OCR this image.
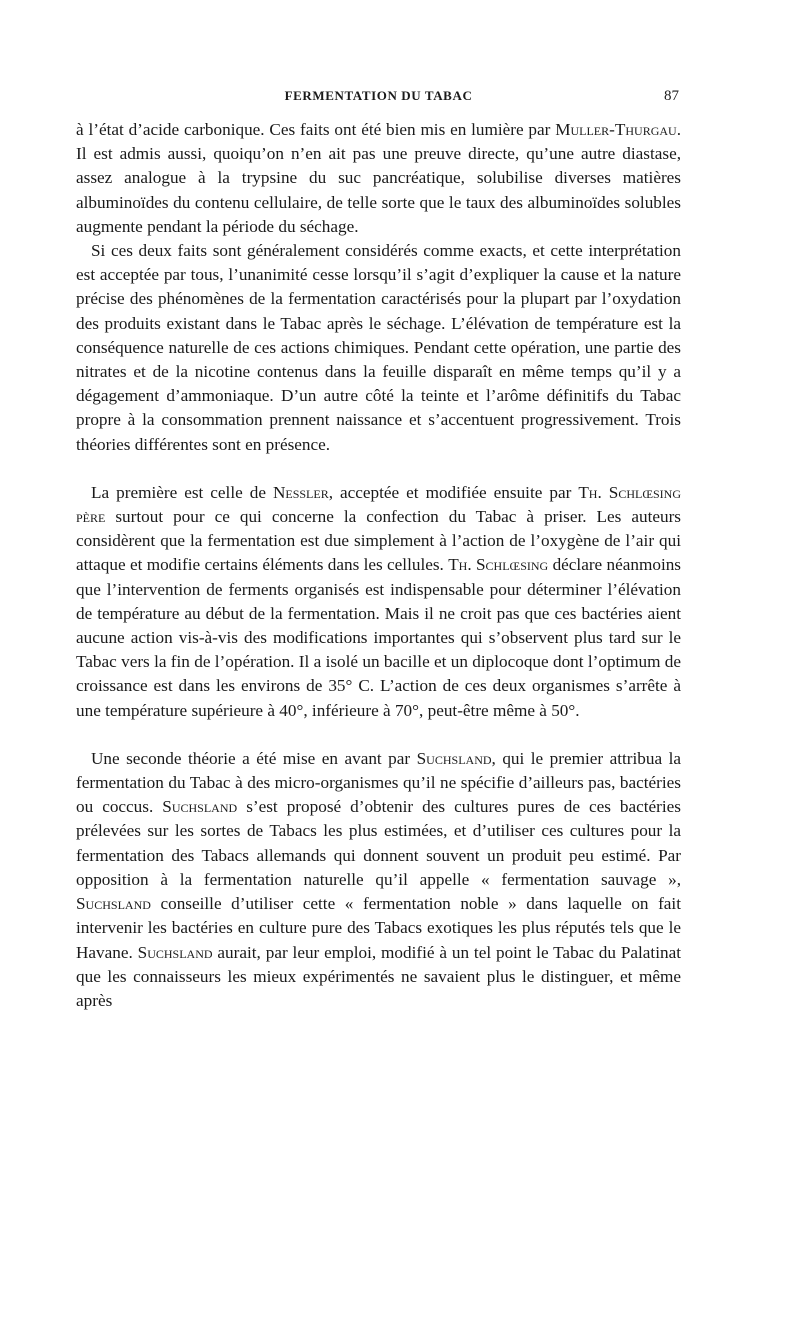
FERMENTATION DU TABAC	87

à l’état d’acide carbonique. Ces faits ont été bien mis en lumière par Muller-Thurgau. Il est admis aussi, quoiqu’on n’en ait pas une preuve directe, qu’une autre diastase, assez analogue à la trypsine du suc pancréatique, solubilise diverses matières albuminoïdes du contenu cellulaire, de telle sorte que le taux des albuminoïdes solubles augmente pendant la période du séchage.

Si ces deux faits sont généralement considérés comme exacts, et cette interprétation est acceptée par tous, l’unanimité cesse lorsqu’il s’agit d’expliquer la cause et la nature précise des phénomènes de la fermentation caractérisés pour la plupart par l’oxydation des produits existant dans le Tabac après le séchage. L’élévation de température est la conséquence naturelle de ces actions chimiques. Pendant cette opération, une partie des nitrates et de la nicotine contenus dans la feuille disparaît en même temps qu’il y a dégagement d’ammoniaque. D’un autre côté la teinte et l’arôme définitifs du Tabac propre à la consommation prennent naissance et s’accentuent progressivement. Trois théories différentes sont en présence.

La première est celle de Nessler, acceptée et modifiée ensuite par Th. Schlœsing père surtout pour ce qui concerne la confection du Tabac à priser. Les auteurs considèrent que la fermentation est due simplement à l’action de l’oxygène de l’air qui attaque et modifie certains éléments dans les cellules. Th. Schlœsing déclare néanmoins que l’intervention de ferments organisés est indispensable pour déterminer l’élévation de température au début de la fermentation. Mais il ne croit pas que ces bactéries aient aucune action vis-à-vis des modifications importantes qui s’observent plus tard sur le Tabac vers la fin de l’opération. Il a isolé un bacille et un diplocoque dont l’optimum de croissance est dans les environs de 35° C. L’action de ces deux organismes s’arrête à une température supérieure à 40°, inférieure à 70°, peut-être même à 50°.

Une seconde théorie a été mise en avant par Suchsland, qui le premier attribua la fermentation du Tabac à des micro-organismes qu’il ne spécifie d’ailleurs pas, bactéries ou coccus. Suchsland s’est proposé d’obtenir des cultures pures de ces bactéries prélevées sur les sortes de Tabacs les plus estimées, et d’utiliser ces cultures pour la fermentation des Tabacs allemands qui donnent souvent un produit peu estimé. Par opposition à la fermentation naturelle qu’il appelle « fermentation sauvage », Suchsland conseille d’utiliser cette « fermentation noble » dans laquelle on fait intervenir les bactéries en culture pure des Tabacs exotiques les plus réputés tels que le Havane. Suchsland aurait, par leur emploi, modifié à un tel point le Tabac du Palatinat que les connaisseurs les mieux expérimentés ne savaient plus le distinguer, et même après
